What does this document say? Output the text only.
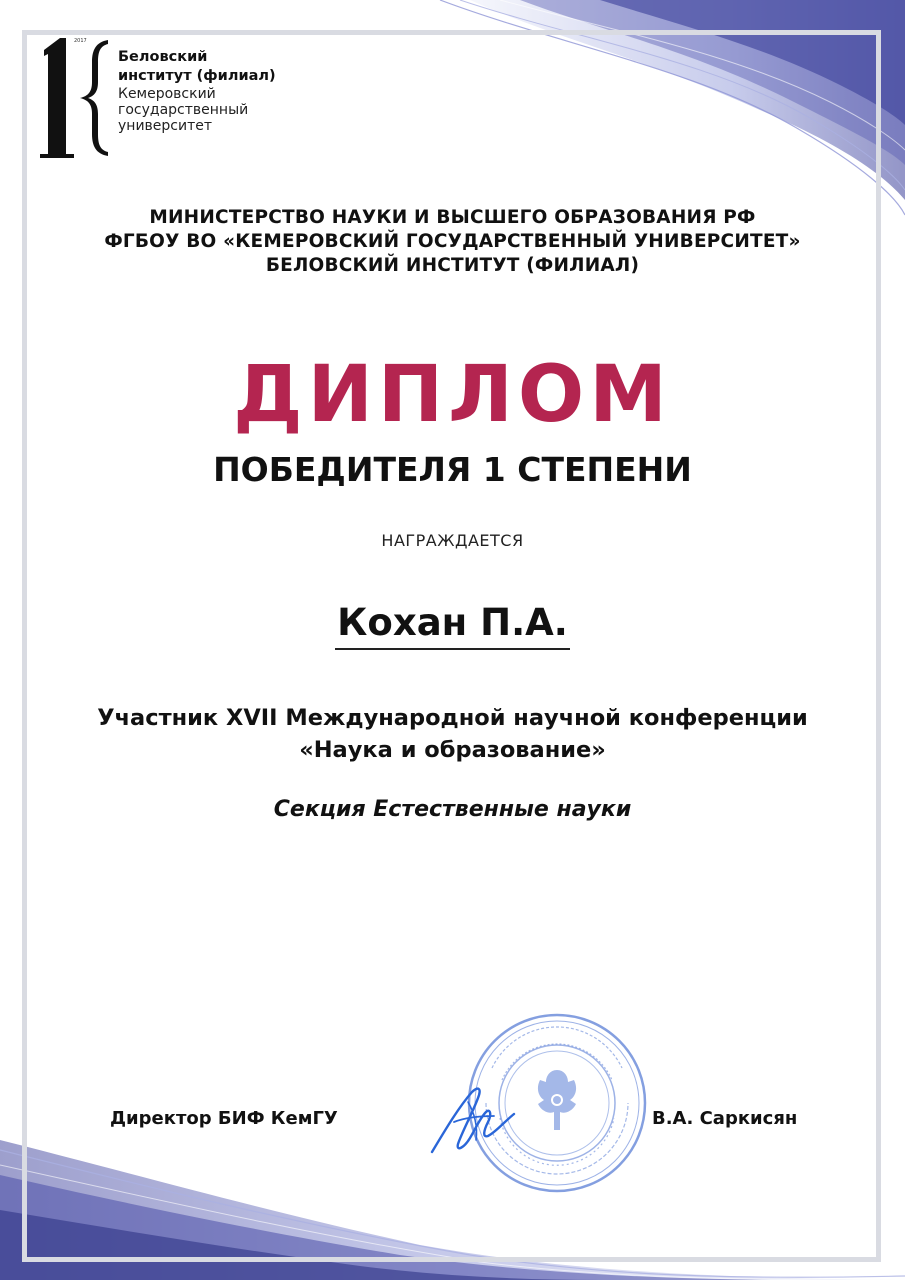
2017
Беловский
институт (филиал)
Кемеровский
государственный
университет
МИНИСТЕРСТВО НАУКИ И ВЫСШЕГО ОБРАЗОВАНИЯ РФ
ФГБОУ ВО «КЕМЕРОВСКИЙ ГОСУДАРСТВЕННЫЙ УНИВЕРСИТЕТ»
БЕЛОВСКИЙ ИНСТИТУТ (ФИЛИАЛ)
ДИПЛОМ
ПОБЕДИТЕЛЯ 1 СТЕПЕНИ
НАГРАЖДАЕТСЯ
Кохан П.А.
Участник XVII Международной научной конференции
«Наука и образование»
Секция Естественные науки
Директор БИФ КемГУ	В.А. Саркисян
